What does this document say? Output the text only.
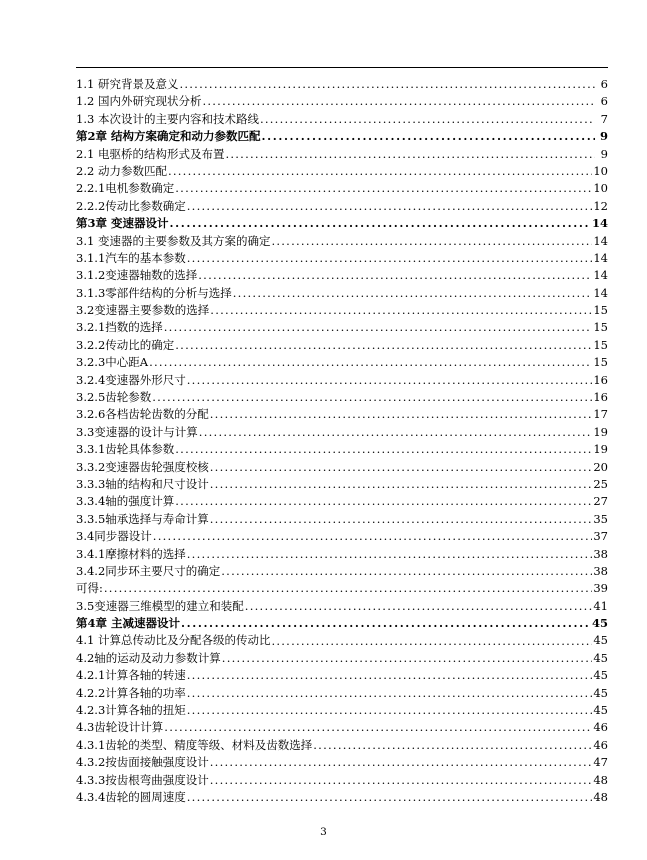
1.1 研究背景及意义 . . .	6
1.2 国内外研究现状分析 . . .	6
1.3 本次设计的主要内容和技术路线 . . .	7
第2章 结构方案确定和动力参数匹配 . . .	9
2.1 电驱桥的结构形式及布置 . . .	9
2.2 动力参数匹配 . . .	10
2.2.1电机参数确定 . . .	10
2.2.2传动比参数确定 . . .	12
第3章 变速器设计 . . .	14
3.1 变速器的主要参数及其方案的确定 . . .	14
3.1.1汽车的基本参数 . . .	14
3.1.2变速器轴数的选择 . . .	14
3.1.3零部件结构的分析与选择 . . .	14
3.2变速器主要参数的选择 . . .	15
3.2.1挡数的选择 . . .	15
3.2.2传动比的确定 . . .	15
3.2.3中心距A . . .	15
3.2.4变速器外形尺寸 . . .	16
3.2.5齿轮参数 . . .	16
3.2.6各档齿轮齿数的分配 . . .	17
3.3变速器的设计与计算 . . .	19
3.3.1齿轮具体参数 . . .	19
3.3.2变速器齿轮强度校核 . . .	20
3.3.3轴的结构和尺寸设计 . . .	25
3.3.4轴的强度计算 . . .	27
3.3.5轴承选择与寿命计算 . . .	35
3.4同步器设计 . . .	37
3.4.1摩擦材料的选择 . . .	38
3.4.2同步环主要尺寸的确定 . . .	38
可得: . . .	39
3.5变速器三维模型的建立和装配 . . .	41
第4章 主减速器设计 . . .	45
4.1 计算总传动比及分配各级的传动比 . . .	45
4.2轴的运动及动力参数计算 . . .	45
4.2.1计算各轴的转速 . . .	45
4.2.2计算各轴的功率 . . .	45
4.2.3计算各轴的扭矩 . . .	45
4.3齿轮设计计算 . . .	46
4.3.1齿轮的类型、精度等级、材料及齿数选择 . . .	46
4.3.2按齿面接触强度设计 . . .	47
4.3.3按齿根弯曲强度设计 . . .	48
4.3.4齿轮的圆周速度 . . .	48
3
